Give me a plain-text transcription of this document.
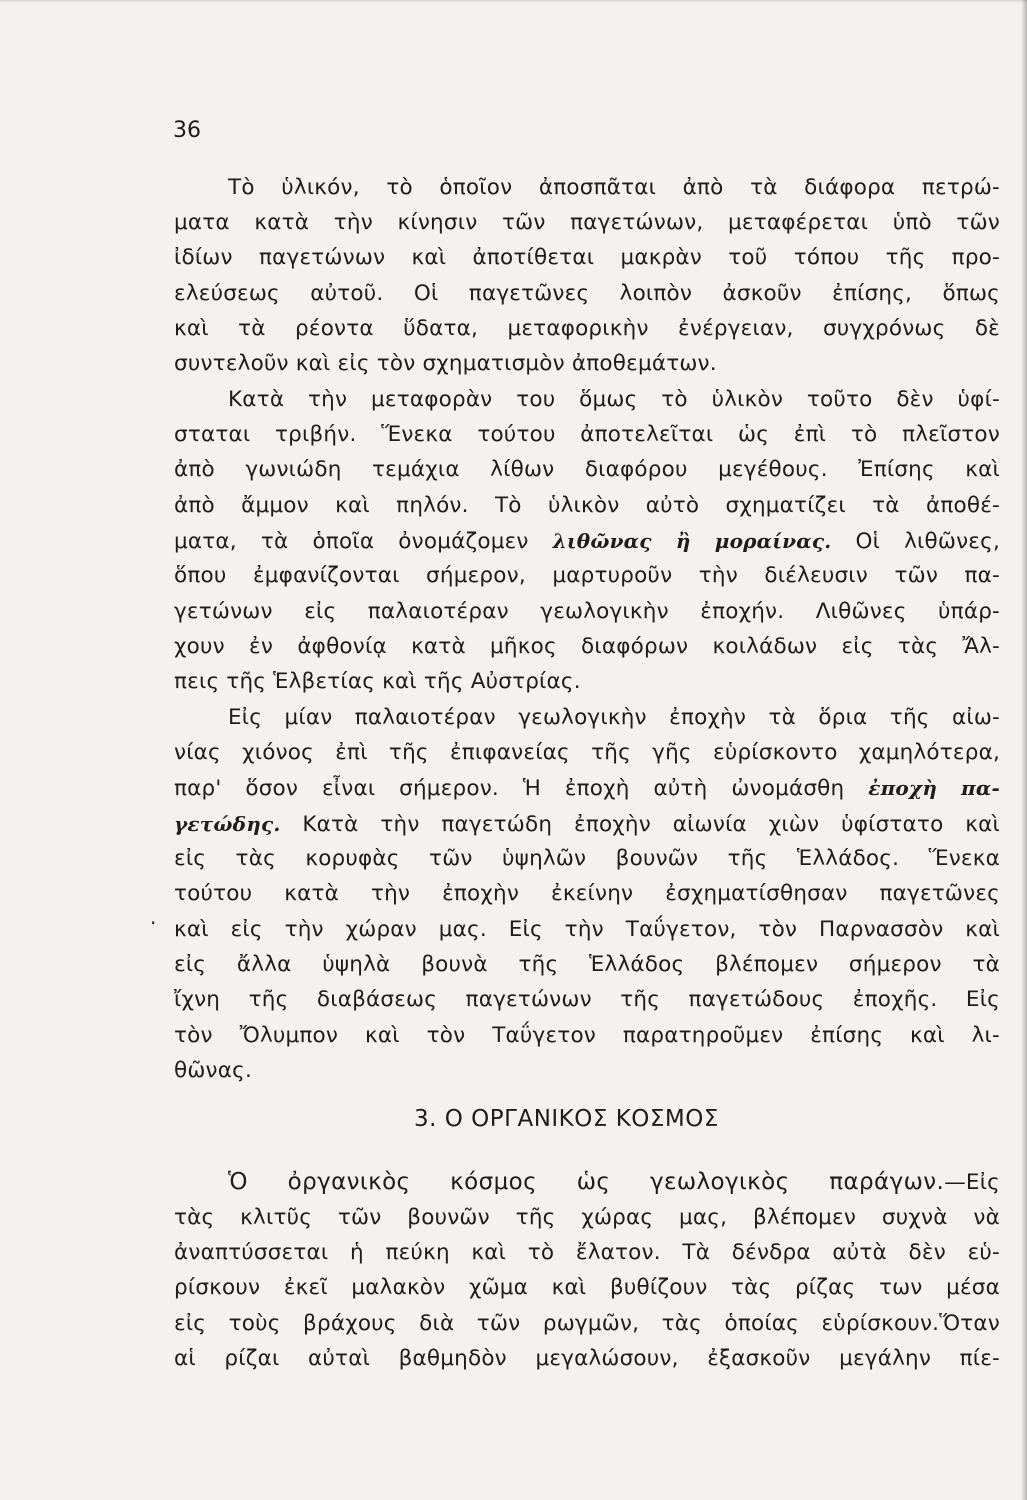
36
Τὸ ὑλικόν, τὸ ὁποῖον ἀποσπᾶται ἀπὸ τὰ διάφορα πετρώ-
ματα κατὰ τὴν κίνησιν τῶν παγετώνων, μεταφέρεται ὑπὸ τῶν
ἰδίων παγετώνων καὶ ἀποτίθεται μακρὰν τοῦ τόπου τῆς προ-
ελεύσεως αὐτοῦ. Οἱ παγετῶνες λοιπὸν ἀσκοῦν ἐπίσης, ὅπως
καὶ τὰ ρέοντα ὕδατα, μεταφορικὴν ἐνέργειαν, συγχρόνως δὲ
συντελοῦν καὶ εἰς τὸν σχηματισμὸν ἀποθεμάτων.
Κατὰ τὴν μεταφορὰν του ὅμως τὸ ὑλικὸν τοῦτο δὲν ὑφί-
σταται τριβήν. Ἕνεκα τούτου ἀποτελεῖται ὡς ἐπὶ τὸ πλεῖστον
ἀπὸ γωνιώδη τεμάχια λίθων διαφόρου μεγέθους. Ἐπίσης καὶ
ἀπὸ ἄμμον καὶ πηλόν. Τὸ ὑλικὸν αὐτὸ σχηματίζει τὰ ἀποθέ-
ματα, τὰ ὁποῖα ὀνομάζομεν λιθῶνας ἢ μοραίνας. Οἱ λιθῶνες,
ὅπου ἐμφανίζονται σήμερον, μαρτυροῦν τὴν διέλευσιν τῶν πα-
γετώνων εἰς παλαιοτέραν γεωλογικὴν ἐποχήν. Λιθῶνες ὑπάρ-
χουν ἐν ἀφθονίᾳ κατὰ μῆκος διαφόρων κοιλάδων εἰς τὰς Ἄλ-
πεις τῆς Ἑλβετίας καὶ τῆς Αὐστρίας.
Εἰς μίαν παλαιοτέραν γεωλογικὴν ἐποχὴν τὰ ὅρια τῆς αἰω-
νίας χιόνος ἐπὶ τῆς ἐπιφανείας τῆς γῆς εὑρίσκοντο χαμηλότερα,
παρ' ὅσον εἶναι σήμερον. Ἡ ἐποχὴ αὐτὴ ὠνομάσθη ἐποχὴ πα-
γετώδης. Κατὰ τὴν παγετώδη ἐποχὴν αἰωνία χιὼν ὑφίστατο καὶ
εἰς τὰς κορυφὰς τῶν ὑψηλῶν βουνῶν τῆς Ἑλλάδος. Ἕνεκα
τούτου κατὰ τὴν ἐποχὴν ἐκείνην ἐσχηματίσθησαν παγετῶνες
· καὶ εἰς τὴν χώραν μας. Εἰς τὴν Ταΰγετον, τὸν Παρνασσὸν καὶ
εἰς ἄλλα ὑψηλὰ βουνὰ τῆς Ἑλλάδος βλέπομεν σήμερον τὰ
ἴχνη τῆς διαβάσεως παγετώνων τῆς παγετώδους ἐποχῆς. Εἰς
τὸν Ὄλυμπον καὶ τὸν Ταΰγετον παρατηροῦμεν ἐπίσης καὶ λι-
θῶνας.
3. Ο ΟΡΓΑΝΙΚΟΣ ΚΟΣΜΟΣ
Ὁ ὀργανικὸς κόσμος ὡς γεωλογικὸς παράγων.—Εἰς
τὰς κλιτῦς τῶν βουνῶν τῆς χώρας μας, βλέπομεν συχνὰ νὰ
ἀναπτύσσεται ἡ πεύκη καὶ τὸ ἔλατον. Τὰ δένδρα αὐτὰ δὲν εὑ-
ρίσκουν ἐκεῖ μαλακὸν χῶμα καὶ βυθίζουν τὰς ρίζας των μέσα
εἰς τοὺς βράχους διὰ τῶν ρωγμῶν, τὰς ὁποίας εὑρίσκουν.Ὅταν
αἱ ρίζαι αὐταὶ βαθμηδὸν μεγαλώσουν, ἐξασκοῦν μεγάλην πίε-
